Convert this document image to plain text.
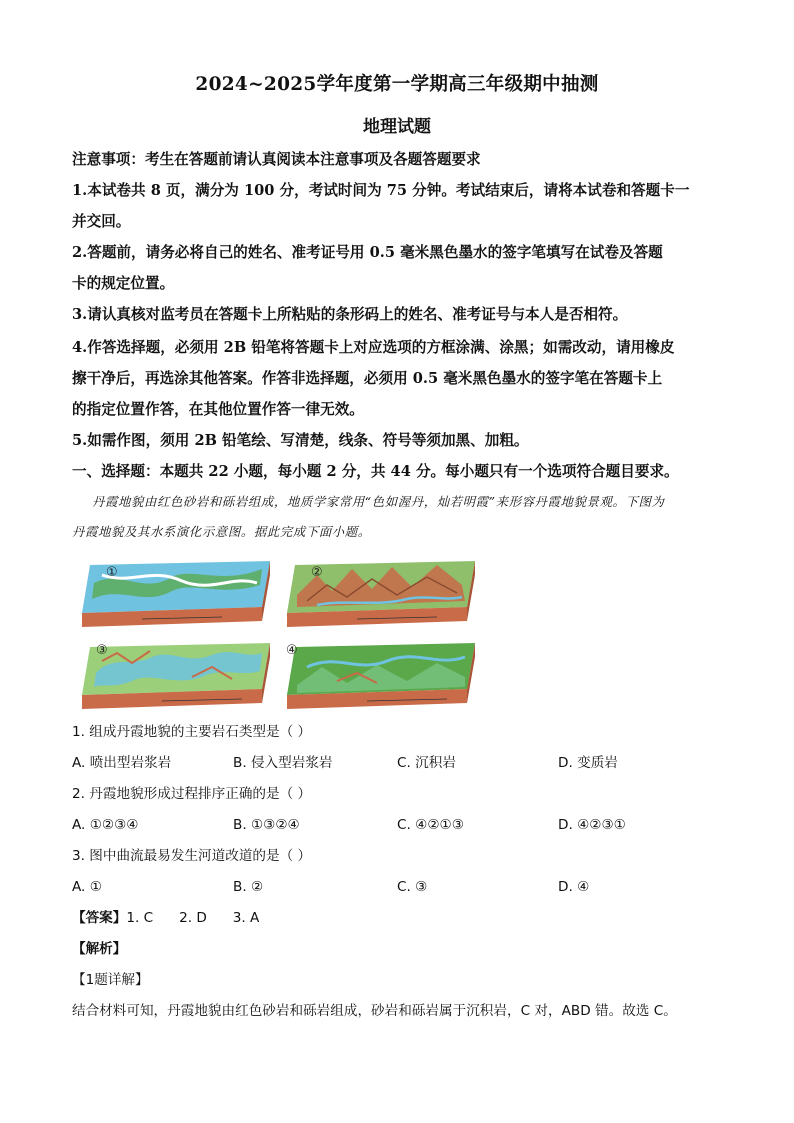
2024~2025学年度第一学期高三年级期中抽测
地理试题
注意事项：考生在答题前请认真阅读本注意事项及各题答题要求
1.本试卷共 8 页，满分为 100 分，考试时间为 75 分钟。考试结束后，请将本试卷和答题卡一
并交回。
2.答题前，请务必将自己的姓名、准考证号用 0.5 毫米黑色墨水的签字笔填写在试卷及答题
卡的规定位置。
3.请认真核对监考员在答题卡上所粘贴的条形码上的姓名、准考证号与本人是否相符。
4.作答选择题，必须用 2B 铅笔将答题卡上对应选项的方框涂满、涂黑；如需改动，请用橡皮
擦干净后，再选涂其他答案。作答非选择题，必须用 0.5 毫米黑色墨水的签字笔在答题卡上
的指定位置作答，在其他位置作答一律无效。
5.如需作图，须用 2B 铅笔绘、写清楚，线条、符号等须加黑、加粗。
一、选择题：本题共 22 小题，每小题 2 分，共 44 分。每小题只有一个选项符合题目要求。
丹霞地貌由红色砂岩和砾岩组成，地质学家常用“色如渥丹，灿若明霞”来形容丹霞地貌景观。下图为
丹霞地貌及其水系演化示意图。据此完成下面小题。
①	②
③	④
1. 组成丹霞地貌的主要岩石类型是（ ）
A. 喷出型岩浆岩	B. 侵入型岩浆岩	C. 沉积岩	D. 变质岩
2. 丹霞地貌形成过程排序正确的是（ ）
A. ①②③④	B. ①③②④	C. ④②①③	D. ④②③①
3. 图中曲流最易发生河道改道的是（ ）
A. ①	B. ②	C. ③	D. ④
【答案】1. C      2. D      3. A
【解析】
【1题详解】
结合材料可知，丹霞地貌由红色砂岩和砾岩组成，砂岩和砾岩属于沉积岩，C 对，ABD 错。故选 C。
